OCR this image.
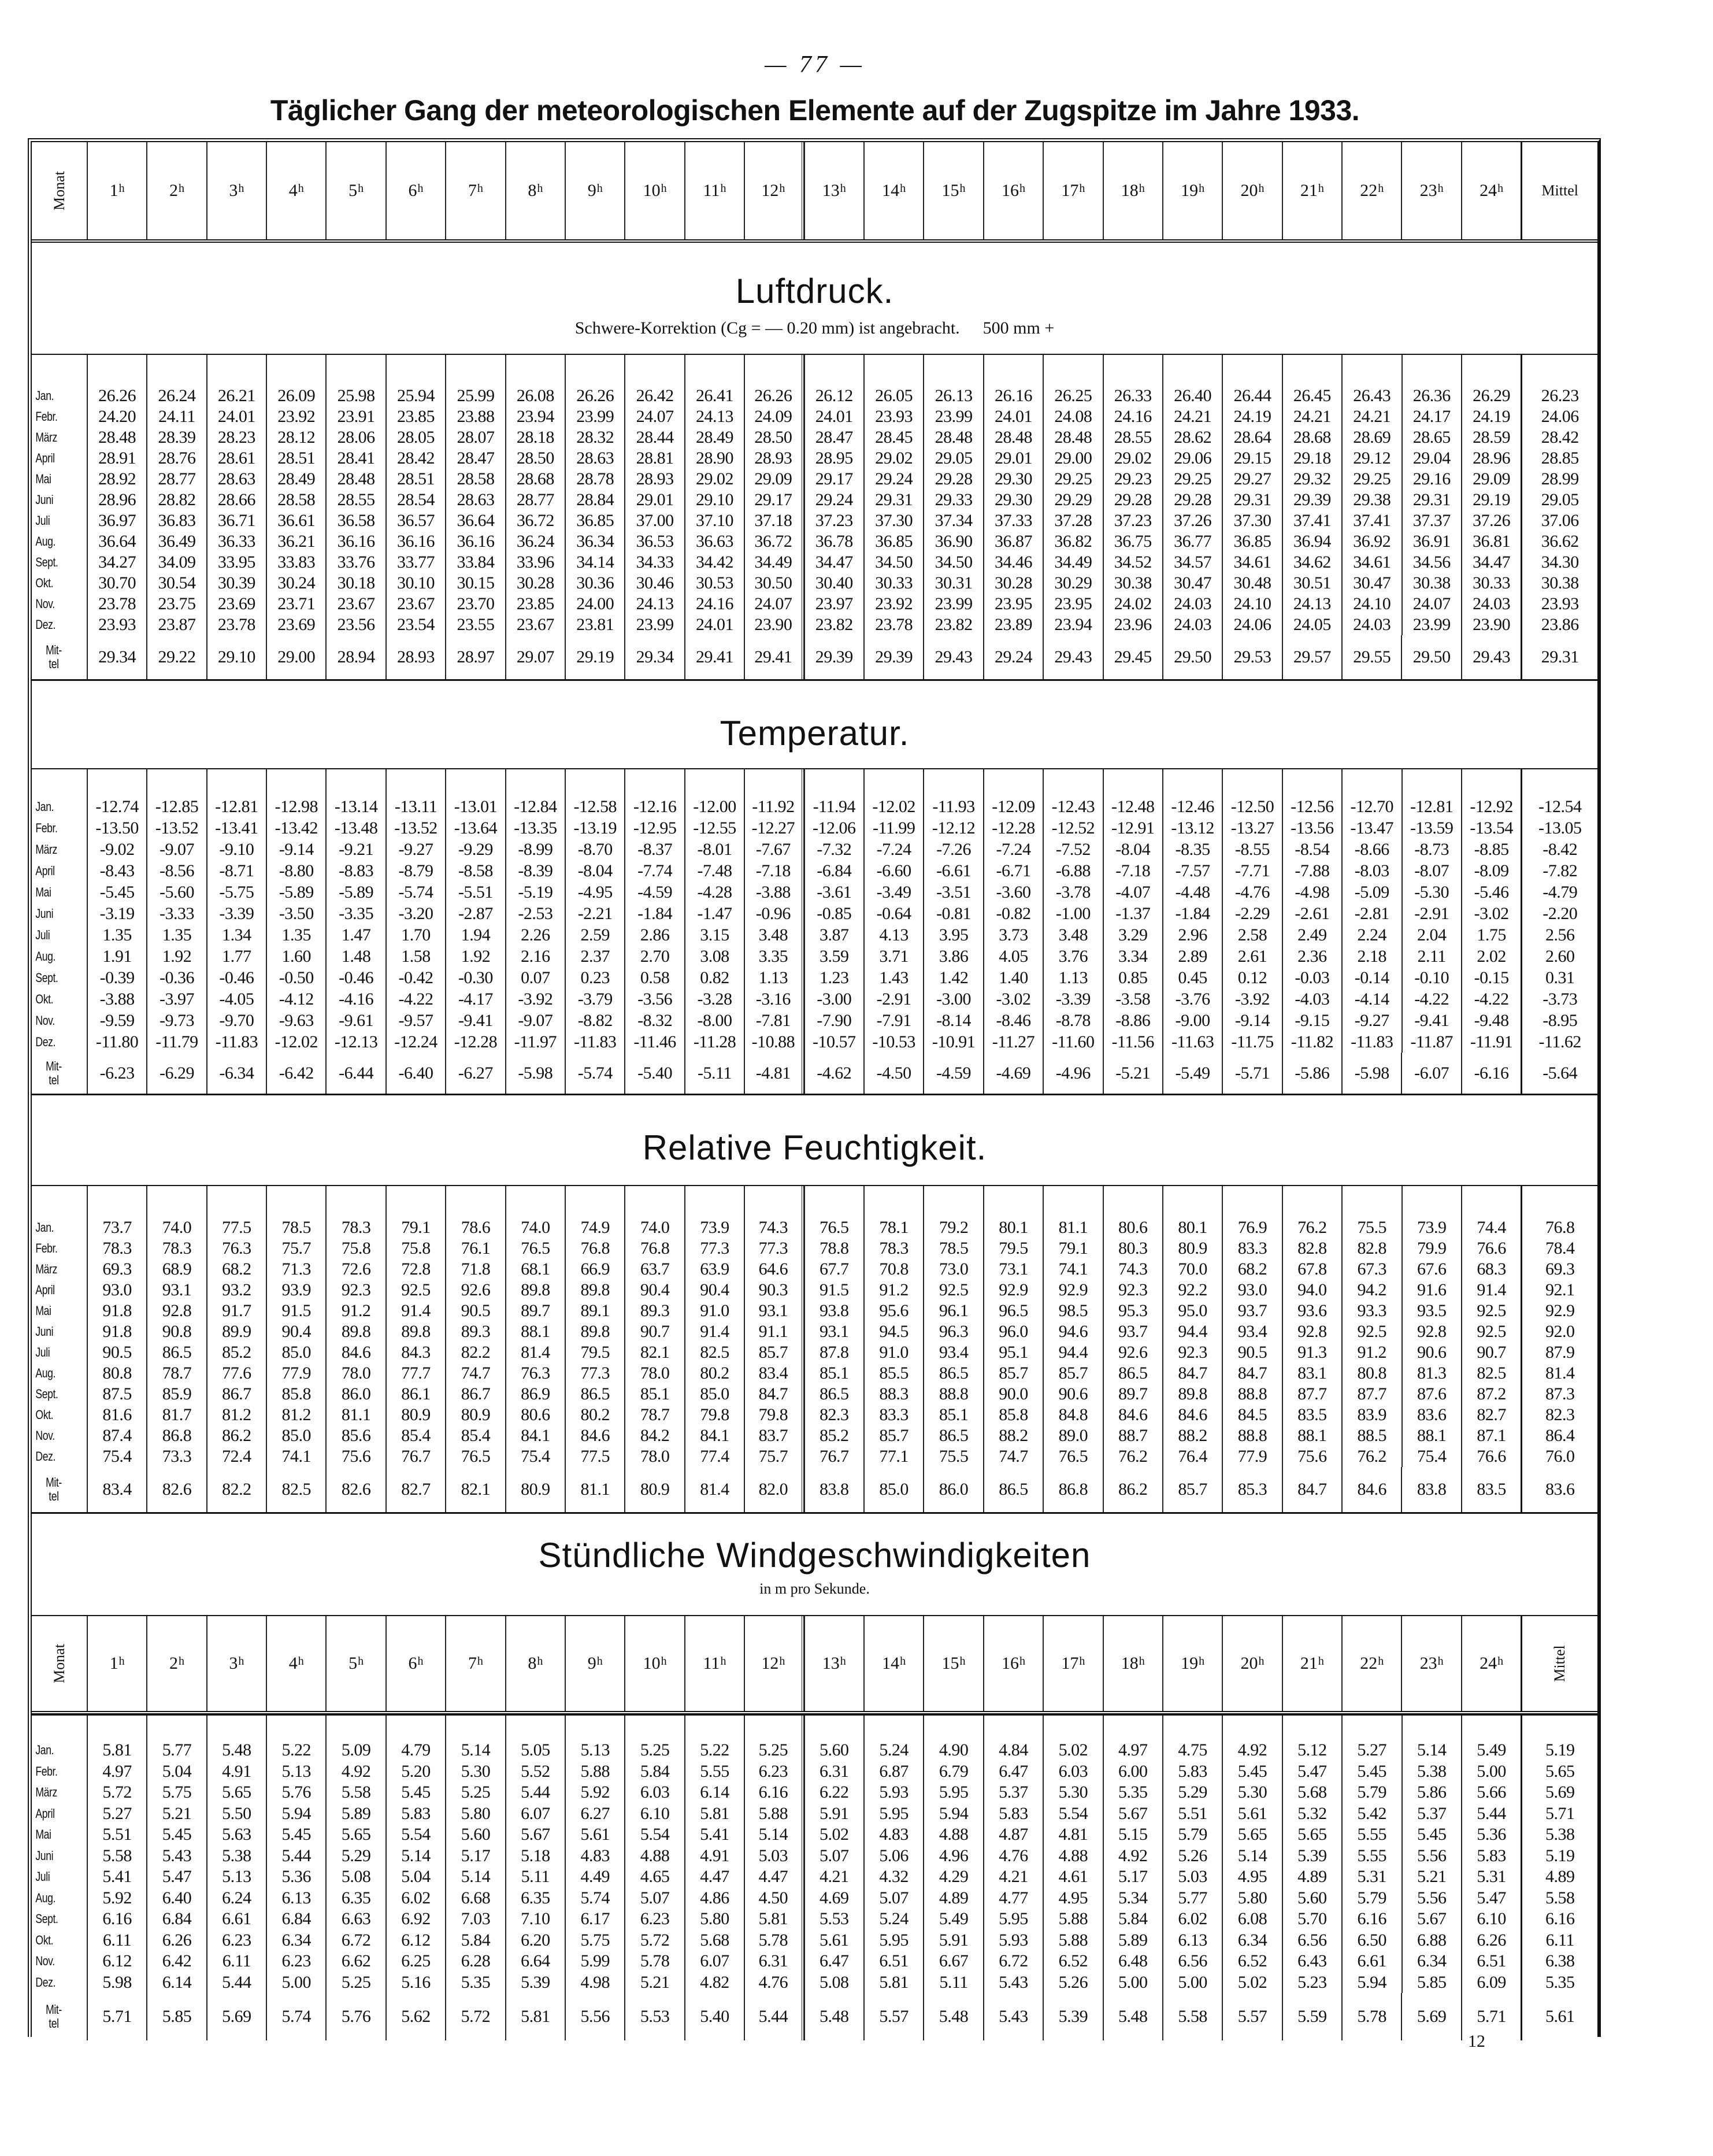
— 77 —
Täglicher Gang der meteorologischen Elemente auf der Zugspitze im Jahre 1933.
Monat 1$^h$	2$^h$	3$^h$	4$^h$	5$^h$	6$^h$	7$^h$	8$^h$	9$^h$ 10$^h$ 11$^h$ 12$^h$ 13$^h$ 14$^h$ 15$^h$ 16$^h$ 17$^h$ 18$^h$ 19$^h$ 20$^h$ 21$^h$ 22$^h$ 23$^h$ 24$^h$	Mittel
Luftdruck.
Schwere-Korrektion (Cg = — 0.20 mm) ist angebracht. 500 mm +
Jan.	26.26	26.24	26.21	26.09	25.98	25.94	25.99	26.08	26.26	26.42	26.41	26.26	26.12	26.05	26.13	26.16	26.25	26.33	26.40	26.44	26.45	26.43	26.36	26.29	26.23
Febr.	24.20	24.11	24.01	23.92	23.91	23.85	23.88	23.94	23.99	24.07	24.13	24.09	24.01	23.93	23.99	24.01	24.08	24.16	24.21	24.19	24.21	24.21	24.17	24.19	24.06
März	28.48	28.39	28.23	28.12	28.06	28.05	28.07	28.18	28.32	28.44	28.49	28.50	28.47	28.45	28.48	28.48	28.48	28.55	28.62	28.64	28.68	28.69	28.65	28.59	28.42
April	28.91	28.76	28.61	28.51	28.41	28.42	28.47	28.50	28.63	28.81	28.90	28.93	28.95	29.02	29.05	29.01	29.00	29.02	29.06	29.15	29.18	29.12	29.04	28.96	28.85
Mai	28.92	28.77	28.63	28.49	28.48	28.51	28.58	28.68	28.78	28.93	29.02	29.09	29.17	29.24	29.28	29.30	29.25	29.23	29.25	29.27	29.32	29.25	29.16	29.09	28.99
Juni	28.96	28.82	28.66	28.58	28.55	28.54	28.63	28.77	28.84	29.01	29.10	29.17	29.24	29.31	29.33	29.30	29.29	29.28	29.28	29.31	29.39	29.38	29.31	29.19	29.05
Juli	36.97	36.83	36.71	36.61	36.58	36.57	36.64	36.72	36.85	37.00	37.10	37.18	37.23	37.30	37.34	37.33	37.28	37.23	37.26	37.30	37.41	37.41	37.37	37.26	37.06
Aug.	36.64	36.49	36.33	36.21	36.16	36.16	36.16	36.24	36.34	36.53	36.63	36.72	36.78	36.85	36.90	36.87	36.82	36.75	36.77	36.85	36.94	36.92	36.91	36.81	36.62
Sept.	34.27	34.09	33.95	33.83	33.76	33.77	33.84	33.96	34.14	34.33	34.42	34.49	34.47	34.50	34.50	34.46	34.49	34.52	34.57	34.61	34.62	34.61	34.56	34.47	34.30
Okt.	30.70	30.54	30.39	30.24	30.18	30.10	30.15	30.28	30.36	30.46	30.53	30.50	30.40	30.33	30.31	30.28	30.29	30.38	30.47	30.48	30.51	30.47	30.38	30.33	30.38
Nov.	23.78	23.75	23.69	23.71	23.67	23.67	23.70	23.85	24.00	24.13	24.16	24.07	23.97	23.92	23.99	23.95	23.95	24.02	24.03	24.10	24.13	24.10	24.07	24.03	23.93
Dez.	23.93	23.87	23.78	23.69	23.56	23.54	23.55	23.67	23.81	23.99	24.01	23.90	23.82	23.78	23.82	23.89	23.94	23.96	24.03	24.06	24.05	24.03	23.99	23.90	23.86
Mit-
tel	29.34	29.22	29.10	29.00	28.94	28.93	28.97	29.07	29.19	29.34	29.41	29.41	29.39	29.39	29.43	29.24	29.43	29.45	29.50	29.53	29.57	29.55	29.50	29.43	29.31
Temperatur.
Jan.	-12.74 -12.85 -12.81 -12.98 -13.14 -13.11 -13.01 -12.84 -12.58 -12.16 -12.00 -11.92	-11.94 -12.02 -11.93 -12.09 -12.43 -12.48 -12.46 -12.50 -12.56 -12.70 -12.81 -12.92	-12.54
Febr.	-13.50 -13.52 -13.41 -13.42 -13.48 -13.52 -13.64 -13.35 -13.19 -12.95 -12.55 -12.27	-12.06 -11.99 -12.12 -12.28 -12.52 -12.91 -13.12 -13.27 -13.56 -13.47 -13.59 -13.54	-13.05
März	-9.02	-9.07	-9.10	-9.14	-9.21	-9.27	-9.29	-8.99	-8.70	-8.37	-8.01	-7.67	-7.32	-7.24	-7.26	-7.24	-7.52	-8.04	-8.35	-8.55	-8.54	-8.66	-8.73	-8.85	-8.42
April	-8.43	-8.56	-8.71	-8.80	-8.83	-8.79	-8.58	-8.39	-8.04	-7.74	-7.48	-7.18	-6.84	-6.60	-6.61	-6.71	-6.88	-7.18	-7.57	-7.71	-7.88	-8.03	-8.07	-8.09	-7.82
Mai	-5.45	-5.60	-5.75	-5.89	-5.89	-5.74	-5.51	-5.19	-4.95	-4.59	-4.28	-3.88	-3.61	-3.49	-3.51	-3.60	-3.78	-4.07	-4.48	-4.76	-4.98	-5.09	-5.30	-5.46	-4.79
Juni	-3.19	-3.33	-3.39	-3.50	-3.35	-3.20	-2.87	-2.53	-2.21	-1.84	-1.47	-0.96	-0.85	-0.64	-0.81	-0.82	-1.00	-1.37	-1.84	-2.29	-2.61	-2.81	-2.91	-3.02	-2.20
Juli	1.35	1.35	1.34	1.35	1.47	1.70	1.94	2.26	2.59	2.86	3.15	3.48	3.87	4.13	3.95	3.73	3.48	3.29	2.96	2.58	2.49	2.24	2.04	1.75	2.56
Aug.	1.91	1.92	1.77	1.60	1.48	1.58	1.92	2.16	2.37	2.70	3.08	3.35	3.59	3.71	3.86	4.05	3.76	3.34	2.89	2.61	2.36	2.18	2.11	2.02	2.60
Sept.	-0.39	-0.36	-0.46	-0.50	-0.46	-0.42	-0.30	0.07	0.23	0.58	0.82	1.13	1.23	1.43	1.42	1.40	1.13	0.85	0.45	0.12	-0.03	-0.14	-0.10	-0.15	0.31
Okt.	-3.88	-3.97	-4.05	-4.12	-4.16	-4.22	-4.17	-3.92	-3.79	-3.56	-3.28	-3.16	-3.00	-2.91	-3.00	-3.02	-3.39	-3.58	-3.76	-3.92	-4.03	-4.14	-4.22	-4.22	-3.73
Nov.	-9.59	-9.73	-9.70	-9.63	-9.61	-9.57	-9.41	-9.07	-8.82	-8.32	-8.00	-7.81	-7.90	-7.91	-8.14	-8.46	-8.78	-8.86	-9.00	-9.14	-9.15	-9.27	-9.41	-9.48	-8.95
Dez.	-11.80	-11.79	-11.83 -12.02 -12.13 -12.24 -12.28 -11.97	-11.83	-11.46	-11.28 -10.88	-10.57 -10.53 -10.91 -11.27	-11.60	-11.56	-11.63	-11.75	-11.82	-11.83	-11.87	-11.91	-11.62
Mit-
tel	-6.23	-6.29	-6.34	-6.42	-6.44	-6.40	-6.27	-5.98	-5.74	-5.40	-5.11	-4.81	-4.62	-4.50	-4.59	-4.69	-4.96	-5.21	-5.49	-5.71	-5.86	-5.98	-6.07	-6.16	-5.64
Relative Feuchtigkeit.
Jan.	73.7	74.0	77.5	78.5	78.3	79.1	78.6	74.0	74.9	74.0	73.9	74.3	76.5	78.1	79.2	80.1	81.1	80.6	80.1	76.9	76.2	75.5	73.9	74.4	76.8
Febr.	78.3	78.3	76.3	75.7	75.8	75.8	76.1	76.5	76.8	76.8	77.3	77.3	78.8	78.3	78.5	79.5	79.1	80.3	80.9	83.3	82.8	82.8	79.9	76.6	78.4
März	69.3	68.9	68.2	71.3	72.6	72.8	71.8	68.1	66.9	63.7	63.9	64.6	67.7	70.8	73.0	73.1	74.1	74.3	70.0	68.2	67.8	67.3	67.6	68.3	69.3
April	93.0	93.1	93.2	93.9	92.3	92.5	92.6	89.8	89.8	90.4	90.4	90.3	91.5	91.2	92.5	92.9	92.9	92.3	92.2	93.0	94.0	94.2	91.6	91.4	92.1
Mai	91.8	92.8	91.7	91.5	91.2	91.4	90.5	89.7	89.1	89.3	91.0	93.1	93.8	95.6	96.1	96.5	98.5	95.3	95.0	93.7	93.6	93.3	93.5	92.5	92.9
Juni	91.8	90.8	89.9	90.4	89.8	89.8	89.3	88.1	89.8	90.7	91.4	91.1	93.1	94.5	96.3	96.0	94.6	93.7	94.4	93.4	92.8	92.5	92.8	92.5	92.0
Juli	90.5	86.5	85.2	85.0	84.6	84.3	82.2	81.4	79.5	82.1	82.5	85.7	87.8	91.0	93.4	95.1	94.4	92.6	92.3	90.5	91.3	91.2	90.6	90.7	87.9
Aug.	80.8	78.7	77.6	77.9	78.0	77.7	74.7	76.3	77.3	78.0	80.2	83.4	85.1	85.5	86.5	85.7	85.7	86.5	84.7	84.7	83.1	80.8	81.3	82.5	81.4
Sept.	87.5	85.9	86.7	85.8	86.0	86.1	86.7	86.9	86.5	85.1	85.0	84.7	86.5	88.3	88.8	90.0	90.6	89.7	89.8	88.8	87.7	87.7	87.6	87.2	87.3
Okt.	81.6	81.7	81.2	81.2	81.1	80.9	80.9	80.6	80.2	78.7	79.8	79.8	82.3	83.3	85.1	85.8	84.8	84.6	84.6	84.5	83.5	83.9	83.6	82.7	82.3
Nov.	87.4	86.8	86.2	85.0	85.6	85.4	85.4	84.1	84.6	84.2	84.1	83.7	85.2	85.7	86.5	88.2	89.0	88.7	88.2	88.8	88.1	88.5	88.1	87.1	86.4
Dez.	75.4	73.3	72.4	74.1	75.6	76.7	76.5	75.4	77.5	78.0	77.4	75.7	76.7	77.1	75.5	74.7	76.5	76.2	76.4	77.9	75.6	76.2	75.4	76.6	76.0
Mit-
tel	83.4	82.6	82.2	82.5	82.6	82.7	82.1	80.9	81.1	80.9	81.4	82.0	83.8	85.0	86.0	86.5	86.8	86.2	85.7	85.3	84.7	84.6	83.8	83.5	83.6
Stündliche Windgeschwindigkeiten
in m pro Sekunde.
Monat 1$^h$	2$^h$	3$^h$	4$^h$	5$^h$	6$^h$	7$^h$	8$^h$	9$^h$ 10$^h$ 11$^h$ 12$^h$ 13$^h$ 14$^h$ 15$^h$ 16$^h$ 17$^h$ 18$^h$ 19$^h$ 20$^h$ 21$^h$ 22$^h$ 23$^h$ 24$^h$	Mittel
Jan.	5.81	5.77	5.48	5.22	5.09	4.79	5.14	5.05	5.13	5.25	5.22	5.25	5.60	5.24	4.90	4.84	5.02	4.97	4.75	4.92	5.12	5.27	5.14	5.49	5.19
Febr.	4.97	5.04	4.91	5.13	4.92	5.20	5.30	5.52	5.88	5.84	5.55	6.23	6.31	6.87	6.79	6.47	6.03	6.00	5.83	5.45	5.47	5.45	5.38	5.00	5.65
März	5.72	5.75	5.65	5.76	5.58	5.45	5.25	5.44	5.92	6.03	6.14	6.16	6.22	5.93	5.95	5.37	5.30	5.35	5.29	5.30	5.68	5.79	5.86	5.66	5.69
April	5.27	5.21	5.50	5.94	5.89	5.83	5.80	6.07	6.27	6.10	5.81	5.88	5.91	5.95	5.94	5.83	5.54	5.67	5.51	5.61	5.32	5.42	5.37	5.44	5.71
Mai	5.51	5.45	5.63	5.45	5.65	5.54	5.60	5.67	5.61	5.54	5.41	5.14	5.02	4.83	4.88	4.87	4.81	5.15	5.79	5.65	5.65	5.55	5.45	5.36	5.38
Juni	5.58	5.43	5.38	5.44	5.29	5.14	5.17	5.18	4.83	4.88	4.91	5.03	5.07	5.06	4.96	4.76	4.88	4.92	5.26	5.14	5.39	5.55	5.56	5.83	5.19
Juli	5.41	5.47	5.13	5.36	5.08	5.04	5.14	5.11	4.49	4.65	4.47	4.47	4.21	4.32	4.29	4.21	4.61	5.17	5.03	4.95	4.89	5.31	5.21	5.31	4.89
Aug.	5.92	6.40	6.24	6.13	6.35	6.02	6.68	6.35	5.74	5.07	4.86	4.50	4.69	5.07	4.89	4.77	4.95	5.34	5.77	5.80	5.60	5.79	5.56	5.47	5.58
Sept.	6.16	6.84	6.61	6.84	6.63	6.92	7.03	7.10	6.17	6.23	5.80	5.81	5.53	5.24	5.49	5.95	5.88	5.84	6.02	6.08	5.70	6.16	5.67	6.10	6.16
Okt.	6.11	6.26	6.23	6.34	6.72	6.12	5.84	6.20	5.75	5.72	5.68	5.78	5.61	5.95	5.91	5.93	5.88	5.89	6.13	6.34	6.56	6.50	6.88	6.26	6.11
Nov.	6.12	6.42	6.11	6.23	6.62	6.25	6.28	6.64	5.99	5.78	6.07	6.31	6.47	6.51	6.67	6.72	6.52	6.48	6.56	6.52	6.43	6.61	6.34	6.51	6.38
Dez.	5.98	6.14	5.44	5.00	5.25	5.16	5.35	5.39	4.98	5.21	4.82	4.76	5.08	5.81	5.11	5.43	5.26	5.00	5.00	5.02	5.23	5.94	5.85	6.09	5.35
Mit-
tel	5.71	5.85	5.69	5.74	5.76	5.62	5.72	5.81	5.56	5.53	5.40	5.44	5.48	5.57	5.48	5.43	5.39	5.48	5.58	5.57	5.59	5.78	5.69	5.71	5.61
12
